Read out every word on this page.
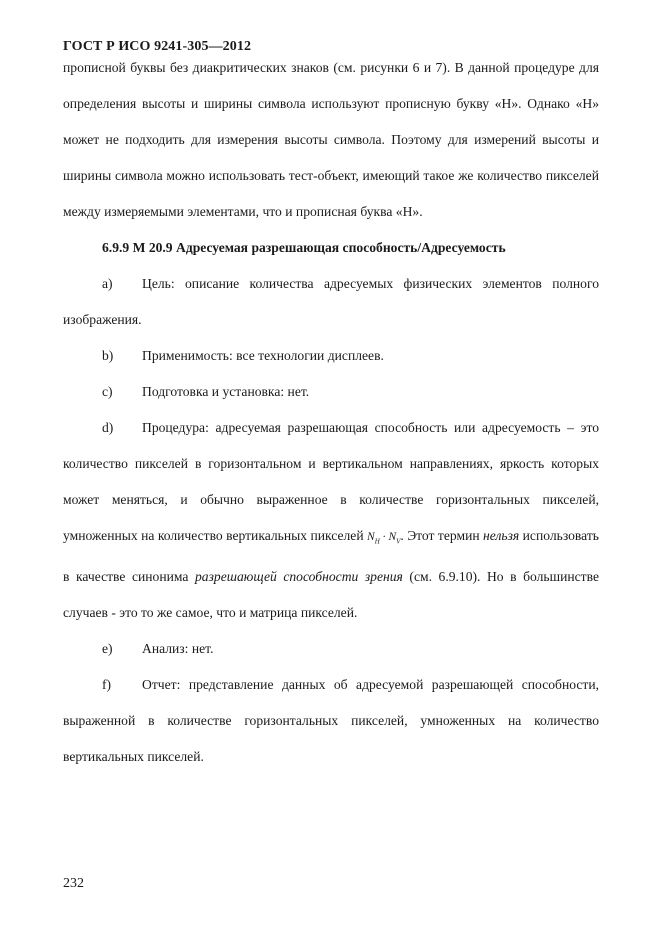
ГОСТ Р ИСО 9241-305—2012

прописной буквы без диакритических знаков (см. рисунки 6 и 7). В данной процедуре для определения высоты и ширины символа используют прописную букву «H». Однако «H» может не подходить для измерения высоты символа. Поэтому для измерений высоты и ширины символа можно использовать тест-объект, имеющий такое же количество пикселей между измеряемыми элементами, что и прописная буква «H».

6.9.9 M 20.9 Адресуемая разрешающая способность/Адресуемость

a) Цель: описание количества адресуемых физических элементов полного изображения.

b) Применимость: все технологии дисплеев.

c) Подготовка и установка: нет.

d) Процедура: адресуемая разрешающая способность или адресуемость – это количество пикселей в горизонтальном и вертикальном направлениях, яркость которых может меняться, и обычно выраженное в количестве горизонтальных пикселей, умноженных на количество вертикальных пикселей $N_H \cdot N_V$. Этот термин нельзя использовать в качестве синонима разрешающей способности зрения (см. 6.9.10). Но в большинстве случаев - это то же самое, что и матрица пикселей.

e) Анализ: нет.

f) Отчет: представление данных об адресуемой разрешающей способности, выраженной в количестве горизонтальных пикселей, умноженных на количество вертикальных пикселей.

232
